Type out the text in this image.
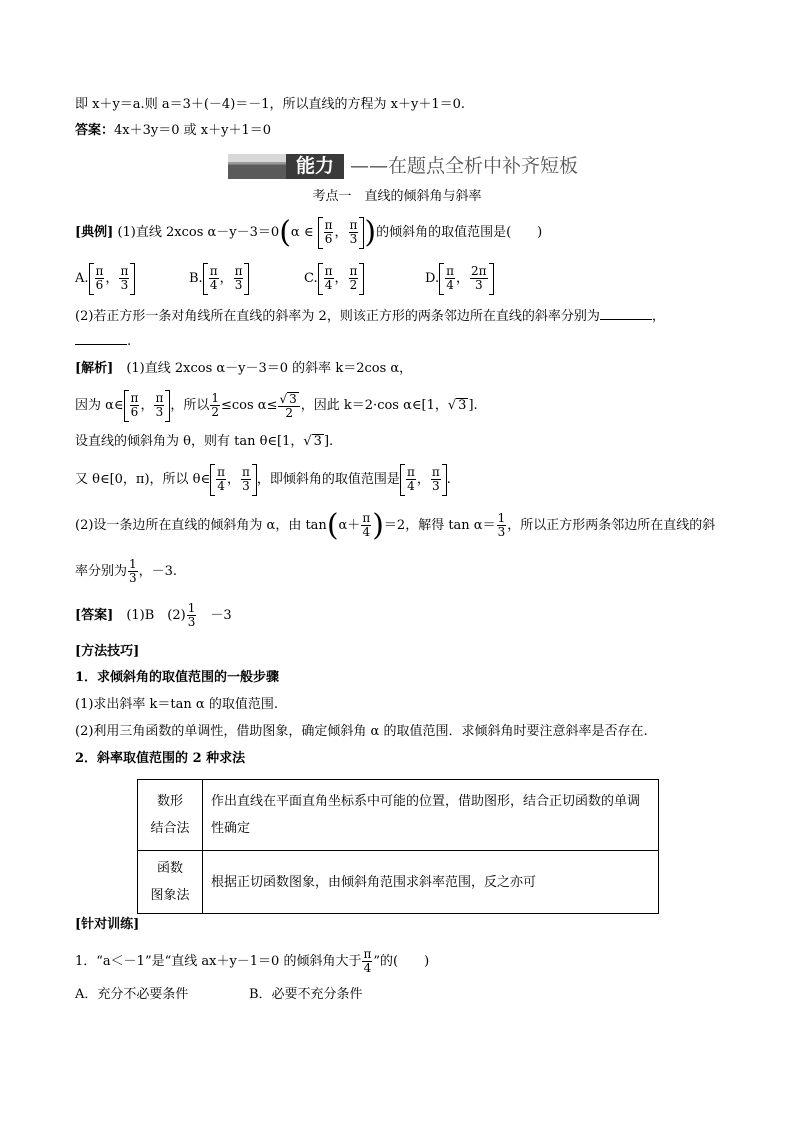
即 x＋y＝a.则 a＝3＋(－4)＝－1，所以直线的方程为 x＋y＋1＝0.
答案：4x＋3y＝0 或 x＋y＋1＝0
能力 ——在题点全析中补齐短板
考点一　直线的倾斜角与斜率
[典例] (1)直线 2xcos α－y－3＝0(α ∈ $\frac{\pi}{6}$ ， $\frac{\pi}{3}$ )的倾斜角的取值范围是(　　)
A. $\frac{\pi}{6}$ ， $\frac{\pi}{3}$	B. $\frac{\pi}{4}$ ， $\frac{\pi}{3}$	C. $\frac{\pi}{4}$ ， $\frac{\pi}{2}$	D. $\frac{\pi}{4}$ ， $\frac{2\pi}{3}$
(2)若正方形一条对角线所在直线的斜率为 2，则该正方形的两条邻边所在直线的斜率分别为	，
.
[解析]　 (1)直线 2xcos α－y－3＝0 的斜率 k＝2cos α，
因为 α∈ $\frac{\pi}{6}$ ， $\frac{\pi}{3}$ ，所以 $\frac{1}{2} \le\cos$ $\alpha\le \frac{√ 3}{2}$ ，因此 k＝2·cos α∈[1，√ 3 ].
设直线的倾斜角为 θ，则有 tan θ∈[1，√ 3 ].
又 θ∈[0，π)，所以 θ∈ $\frac{\pi}{4}$ ， $\frac{\pi}{3}$ ，即倾斜角的取值范围是 $\frac{\pi}{4}$ ， $\frac{\pi}{3}$ .
(2)设一条边所在直线的倾斜角为 α，由 $\tan(\alpha+ \frac{\pi}{4} )=2$，解得 $\tan \alpha= \frac{1}{3}$ ，所以正方形两条邻边所在直线的斜
率分别为 $\frac{1}{3}$ ，－3.
[答案]　 (1)B　$(2) \frac{1}{3}$ 　－3
[方法技巧]
1．求倾斜角的取值范围的一般步骤
(1)求出斜率 k＝tan α 的取值范围.
(2)利用三角函数的单调性，借助图象，确定倾斜角 α 的取值范围．求倾斜角时要注意斜率是否存在.
2．斜率取值范围的 2 种求法
数形
结合法	作出直线在平面直角坐标系中可能的位置，借助图形，结合正切函数的单调性确定
函数
图象法	根据正切函数图象，由倾斜角范围求斜率范围，反之亦可
[针对训练]
1．“a＜－1”是“直线 ax＋y－1＝0 的倾斜角大于 $\frac{\pi}{4}$ ”的(　　)
A．充分不必要条件	B．必要不充分条件
